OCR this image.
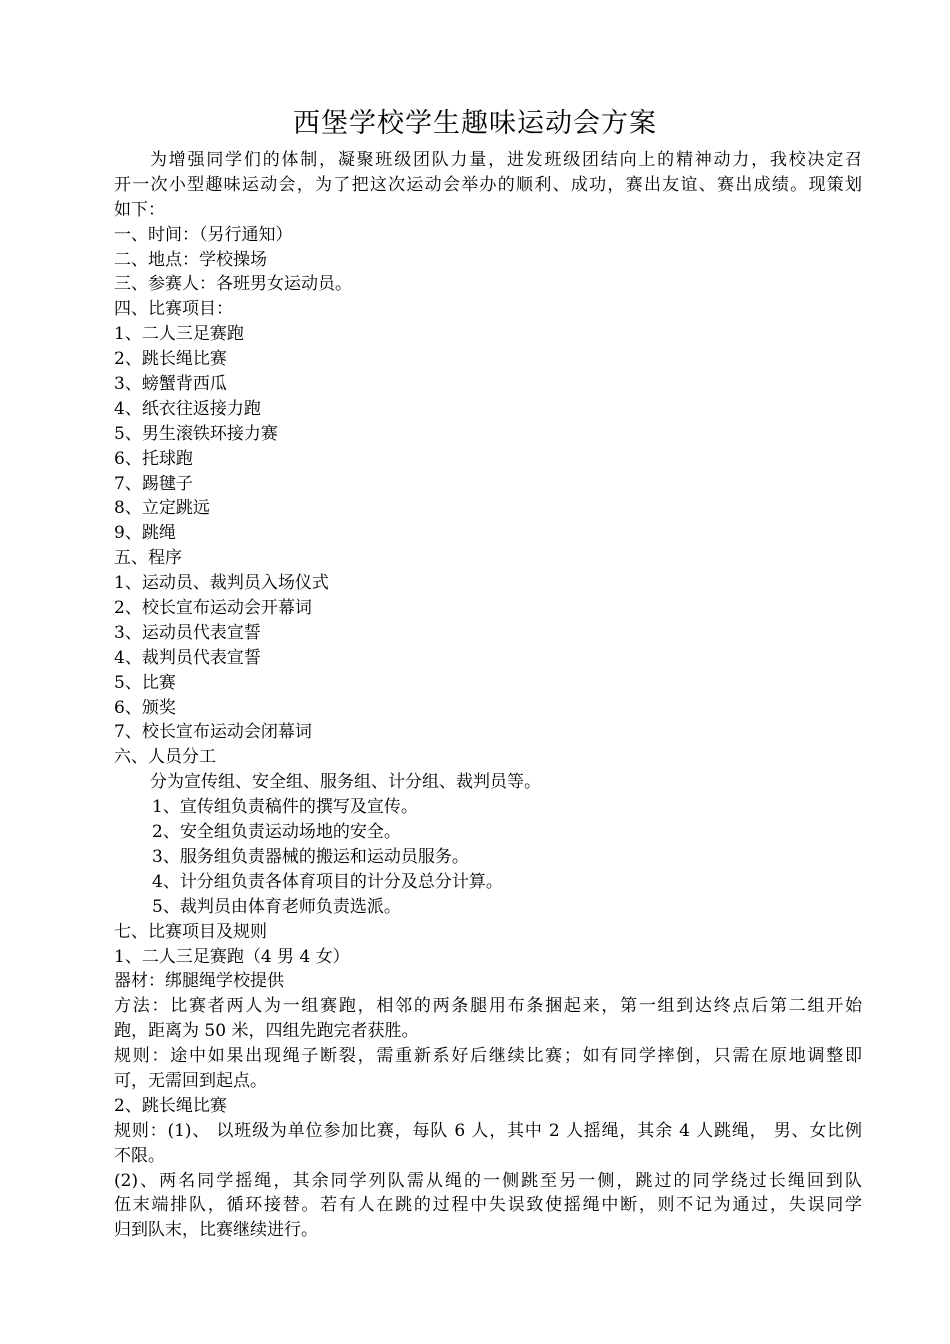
西堡学校学生趣味运动会方案
为增强同学们的体制，凝聚班级团队力量，进发班级团结向上的精神动力，我校决定召
开一次小型趣味运动会，为了把这次运动会举办的顺利、成功，赛出友谊、赛出成绩。现策划
如下：
一、时间：（另行通知）
二、地点：学校操场
三、参赛人：各班男女运动员。
四、比赛项目：
1、二人三足赛跑
2、跳长绳比赛
3、螃蟹背西瓜
4、纸衣往返接力跑
5、男生滚铁环接力赛
6、托球跑
7、踢毽子
8、立定跳远
9、跳绳
五、程序
1、运动员、裁判员入场仪式
2、校长宣布运动会开幕词
3、运动员代表宣誓
4、裁判员代表宣誓
5、比赛
6、颁奖
7、校长宣布运动会闭幕词
六、人员分工
分为宣传组、安全组、服务组、计分组、裁判员等。
1、宣传组负责稿件的撰写及宣传。
2、安全组负责运动场地的安全。
3、服务组负责器械的搬运和运动员服务。
4、计分组负责各体育项目的计分及总分计算。
5、裁判员由体育老师负责选派。
七、比赛项目及规则
1、二人三足赛跑（4 男 4 女）
器材：绑腿绳学校提供
方法：比赛者两人为一组赛跑，相邻的两条腿用布条捆起来，第一组到达终点后第二组开始
跑，距离为 50 米，四组先跑完者获胜。
规则：途中如果出现绳子断裂，需重新系好后继续比赛；如有同学摔倒，只需在原地调整即
可，无需回到起点。
2、跳长绳比赛
规则：(1)、 以班级为单位参加比赛，每队 6 人，其中 2 人摇绳，其余 4 人跳绳， 男、女比例
不限。
(2)、两名同学摇绳，其余同学列队需从绳的一侧跳至另一侧，跳过的同学绕过长绳回到队
伍末端排队，循环接替。若有人在跳的过程中失误致使摇绳中断，则不记为通过，失误同学
归到队末，比赛继续进行。
